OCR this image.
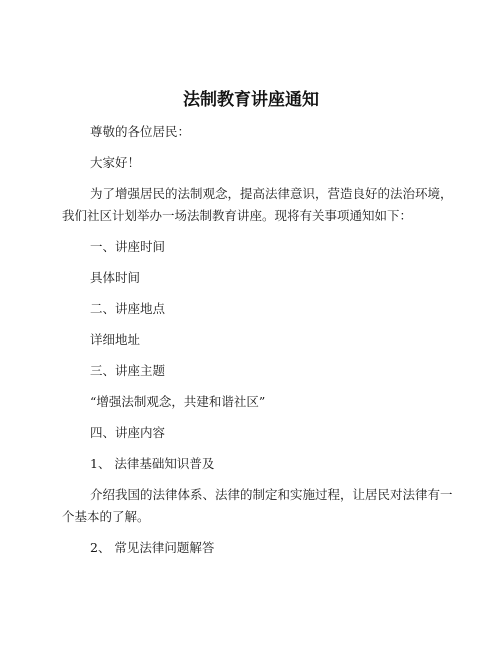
法制教育讲座通知
尊敬的各位居民：
大家好！
为了增强居民的法制观念，提高法律意识，营造良好的法治环境，
我们社区计划举办一场法制教育讲座。现将有关事项通知如下：
一、讲座时间
具体时间
二、讲座地点
详细地址
三、讲座主题
“增强法制观念，共建和谐社区”
四、讲座内容
1、 法律基础知识普及
介绍我国的法律体系、法律的制定和实施过程，让居民对法律有一
个基本的了解。
2、 常见法律问题解答
